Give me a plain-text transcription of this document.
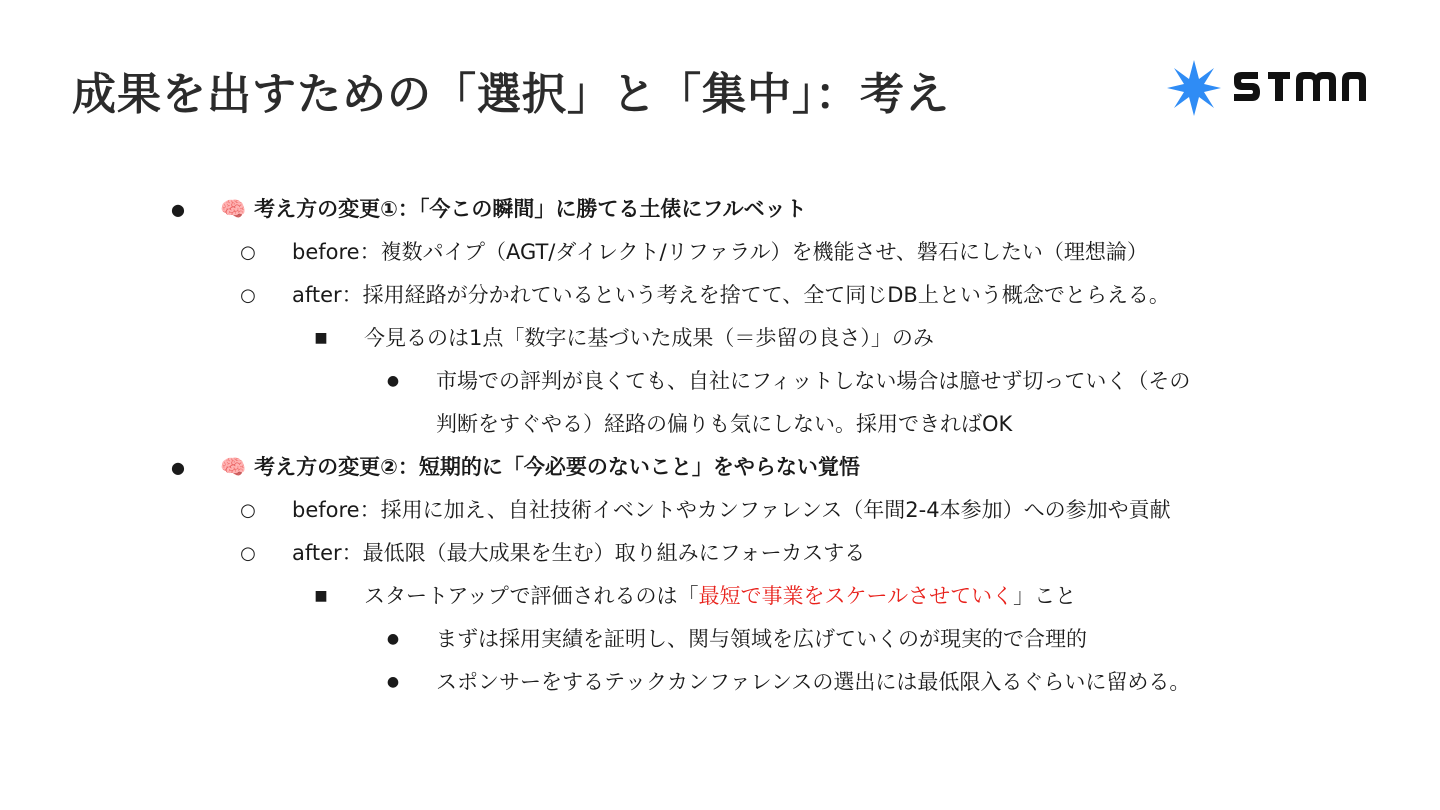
成果を出すための「選択」と「集中」：考え
● 🧠 考え方の変更①：「今この瞬間」に勝てる土俵にフルベット
○ before：複数パイプ（AGT/ダイレクト/リファラル）を機能させ、磐石にしたい（理想論）
○ after：採用経路が分かれているという考えを捨てて、全て同じDB上という概念でとらえる。
■ 今見るのは1点「数字に基づいた成果（＝歩留の良さ）」のみ
● 市場での評判が良くても、自社にフィットしない場合は臆せず切っていく（その
判断をすぐやる）経路の偏りも気にしない。採用できればOK
● 🧠 考え方の変更②：短期的に「今必要のないこと」をやらない覚悟
○ before：採用に加え、自社技術イベントやカンファレンス（年間2-4本参加）への参加や貢献
○ after：最低限（最大成果を生む）取り組みにフォーカスする
■ スタートアップで評価されるのは「最短で事業をスケールさせていく」こと
● まずは採用実績を証明し、関与領域を広げていくのが現実的で合理的
● スポンサーをするテックカンファレンスの選出には最低限入るぐらいに留める。
